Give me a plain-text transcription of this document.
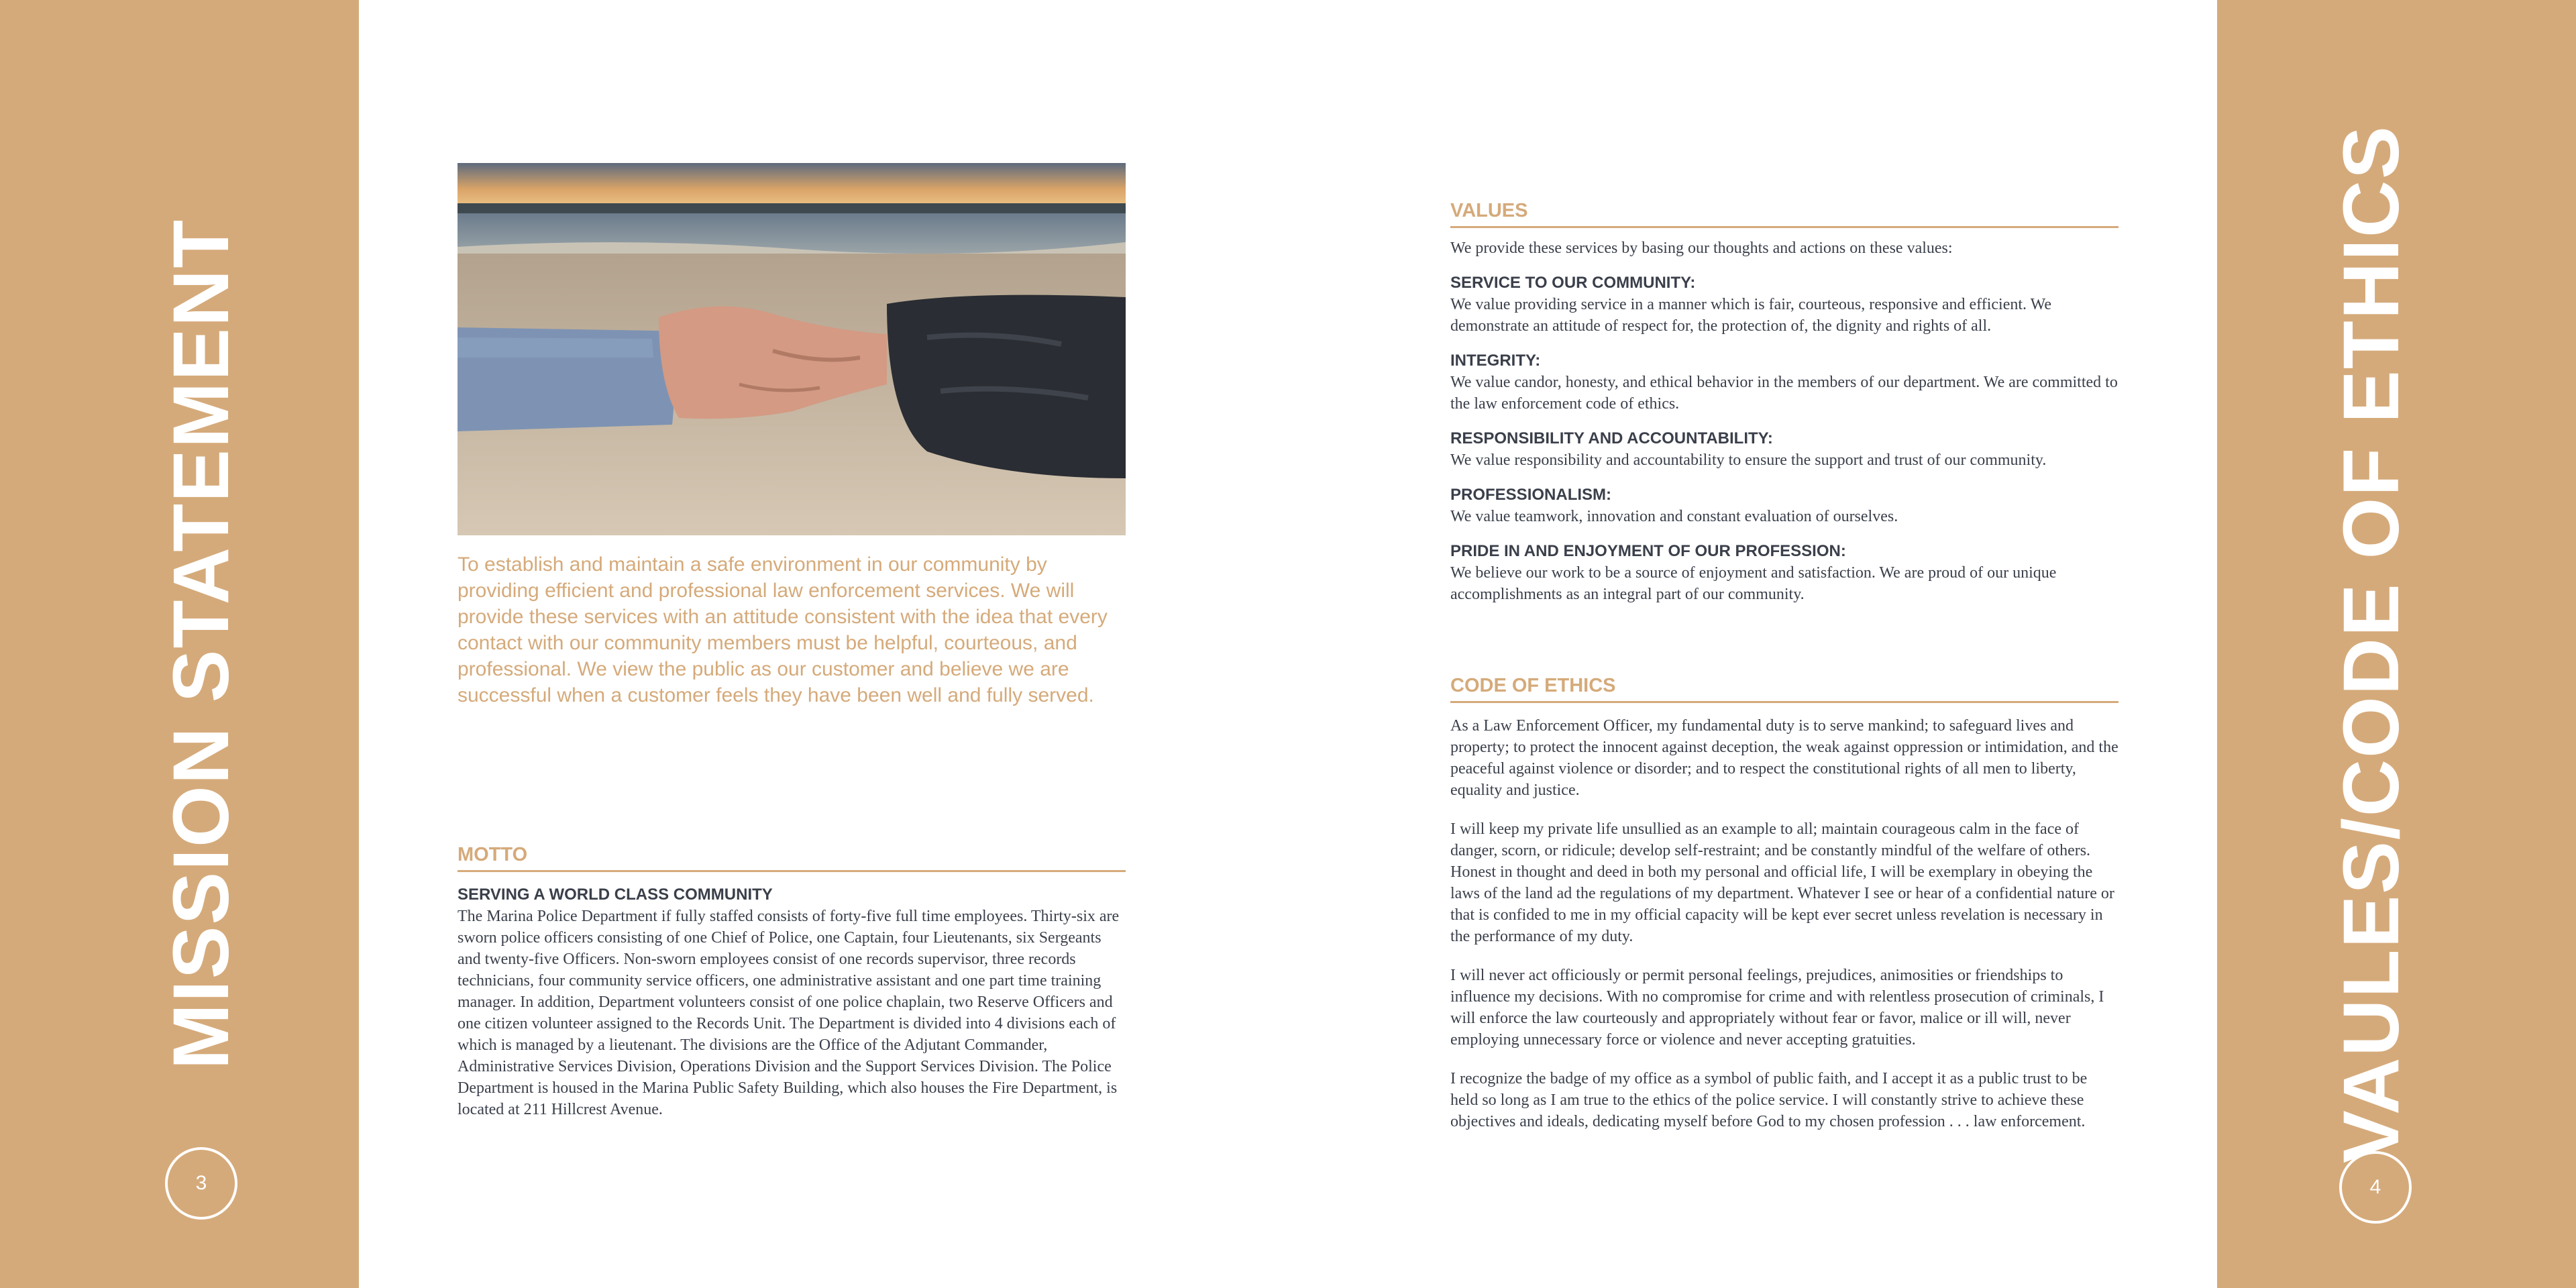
MISSION STATEMENT
3

To establish and maintain a safe environment in our community by providing efficient and professional law enforcement services. We will provide these services with an attitude consistent with the idea that every contact with our community members must be helpful, courteous, and professional. We view the public as our customer and believe we are successful when a customer feels they have been well and fully served.

MOTTO
SERVING A WORLD CLASS COMMUNITY

The Marina Police Department if fully staffed consists of forty-five full time employees. Thirty-six are sworn police officers consisting of one Chief of Police, one Captain, four Lieutenants, six Sergeants and twenty-five Officers. Non-sworn employees consist of one records supervisor, three records technicians, four community service officers, one administrative assistant and one part time training manager. In addition, Department volunteers consist of one police chaplain, two Reserve Officers and one citizen volunteer assigned to the Records Unit. The Department is divided into 4 divisions each of which is managed by a lieutenant. The divisions are the Office of the Adjutant Commander, Administrative Services Division, Operations Division and the Support Services Division. The Police Department is housed in the Marina Public Safety Building, which also houses the Fire Department, is located at 211 Hillcrest Avenue.

VALUES

We provide these services by basing our thoughts and actions on these values:

SERVICE TO OUR COMMUNITY:

We value providing service in a manner which is fair, courteous, responsive and efficient. We demonstrate an attitude of respect for, the protection of, the dignity and rights of all.

INTEGRITY:

We value candor, honesty, and ethical behavior in the members of our department. We are committed to the law enforcement code of ethics.

RESPONSIBILITY AND ACCOUNTABILITY:

We value responsibility and accountability to ensure the support and trust of our community.

PROFESSIONALISM:

We value teamwork, innovation and constant evaluation of ourselves.

PRIDE IN AND ENJOYMENT OF OUR PROFESSION:

We believe our work to be a source of enjoyment and satisfaction. We are proud of our unique accomplishments as an integral part of our community.

CODE OF ETHICS

As a Law Enforcement Officer, my fundamental duty is to serve mankind; to safeguard lives and property; to protect the innocent against deception, the weak against oppression or intimidation, and the peaceful against violence or disorder; and to respect the constitutional rights of all men to liberty, equality and justice.

I will keep my private life unsullied as an example to all; maintain courageous calm in the face of danger, scorn, or ridicule; develop self-restraint; and be constantly mindful of the welfare of others. Honest in thought and deed in both my personal and official life, I will be exemplary in obeying the laws of the land ad the regulations of my department. Whatever I see or hear of a confidential nature or that is confided to me in my official capacity will be kept ever secret unless revelation is necessary in the performance of my duty.

I will never act officiously or permit personal feelings, prejudices, animosities or friendships to influence my decisions. With no compromise for crime and with relentless prosecution of criminals, I will enforce the law courteously and appropriately without fear or favor, malice or ill will, never employing unnecessary force or violence and never accepting gratuities.

I recognize the badge of my office as a symbol of public faith, and I accept it as a public trust to be held so long as I am true to the ethics of the police service. I will constantly strive to achieve these objectives and ideals, dedicating myself before God to my chosen profession . . . law enforcement.	VAULES/CODE OF ETHICS
4
